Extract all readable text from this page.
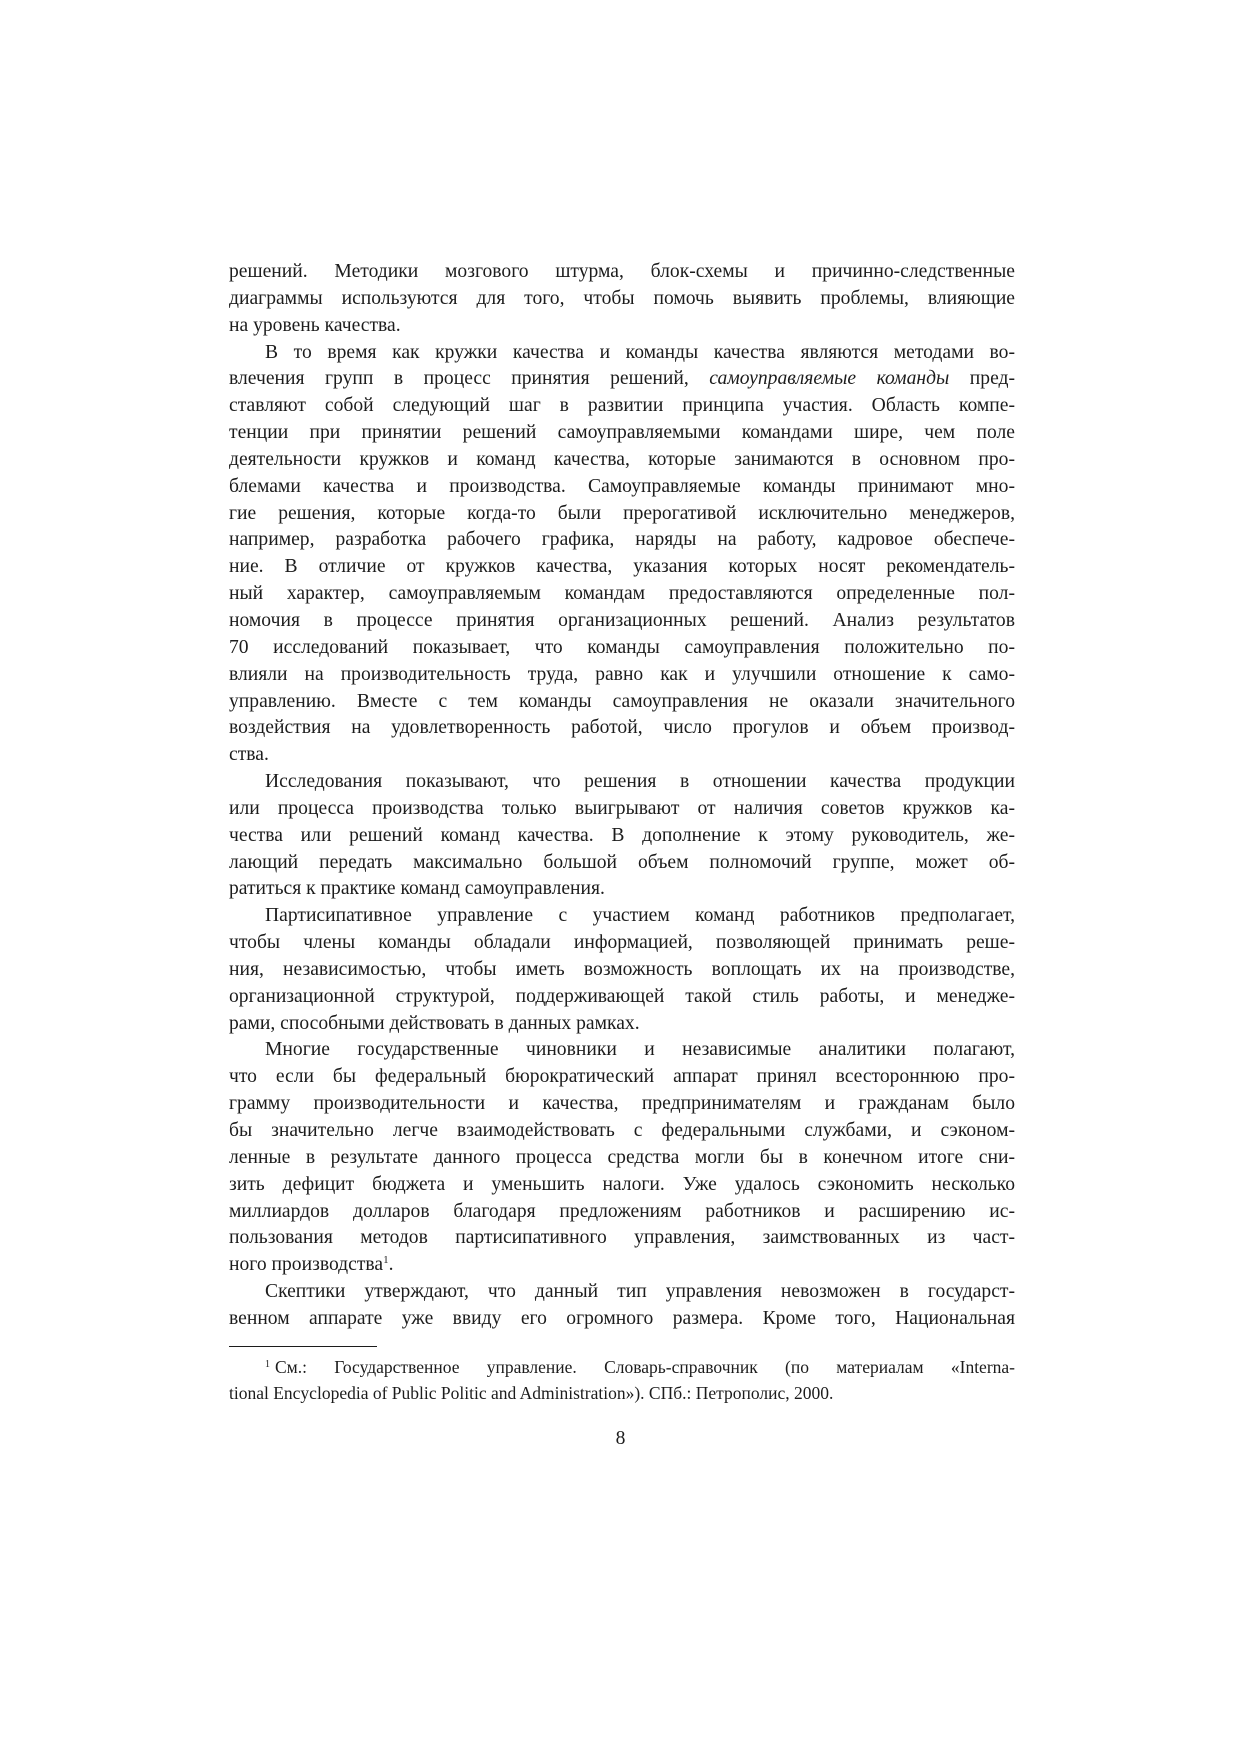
решений. Методики мозгового штурма, блок-схемы и причинно-следственные
диаграммы используются для того, чтобы помочь выявить проблемы, влияющие
на уровень качества.
В то время как кружки качества и команды качества являются методами во-
влечения групп в процесс принятия решений, самоуправляемые команды пред-
ставляют собой следующий шаг в развитии принципа участия. Область компе-
тенции при принятии решений самоуправляемыми командами шире, чем поле
деятельности кружков и команд качества, которые занимаются в основном про-
блемами качества и производства. Самоуправляемые команды принимают мно-
гие решения, которые когда-то были прерогативой исключительно менеджеров,
например, разработка рабочего графика, наряды на работу, кадровое обеспече-
ние. В отличие от кружков качества, указания которых носят рекомендатель-
ный характер, самоуправляемым командам предоставляются определенные пол-
номочия в процессе принятия организационных решений. Анализ результатов
70 исследований показывает, что команды самоуправления положительно по-
влияли на производительность труда, равно как и улучшили отношение к само-
управлению. Вместе с тем команды самоуправления не оказали значительного
воздействия на удовлетворенность работой, число прогулов и объем производ-
ства.
Исследования показывают, что решения в отношении качества продукции
или процесса производства только выигрывают от наличия советов кружков ка-
чества или решений команд качества. В дополнение к этому руководитель, же-
лающий передать максимально большой объем полномочий группе, может об-
ратиться к практике команд самоуправления.
Партисипативное управление с участием команд работников предполагает,
чтобы члены команды обладали информацией, позволяющей принимать реше-
ния, независимостью, чтобы иметь возможность воплощать их на производстве,
организационной структурой, поддерживающей такой стиль работы, и менедже-
рами, способными действовать в данных рамках.
Многие государственные чиновники и независимые аналитики полагают,
что если бы федеральный бюрократический аппарат принял всестороннюю про-
грамму производительности и качества, предпринимателям и гражданам было
бы значительно легче взаимодействовать с федеральными службами, и сэконом-
ленные в результате данного процесса средства могли бы в конечном итоге сни-
зить дефицит бюджета и уменьшить налоги. Уже удалось сэкономить несколько
миллиардов долларов благодаря предложениям работников и расширению ис-
пользования методов партисипативного управления, заимствованных из част-
ного производства$^1$.
Скептики утверждают, что данный тип управления невозможен в государст-
венном аппарате уже ввиду его огромного размера. Кроме того, Национальная
$^1$ См.: Государственное управление. Словарь-справочник (по материалам «Interna-
tional Encyclopedia of Public Politic and Administration»). СПб.: Петрополис, 2000.
8
